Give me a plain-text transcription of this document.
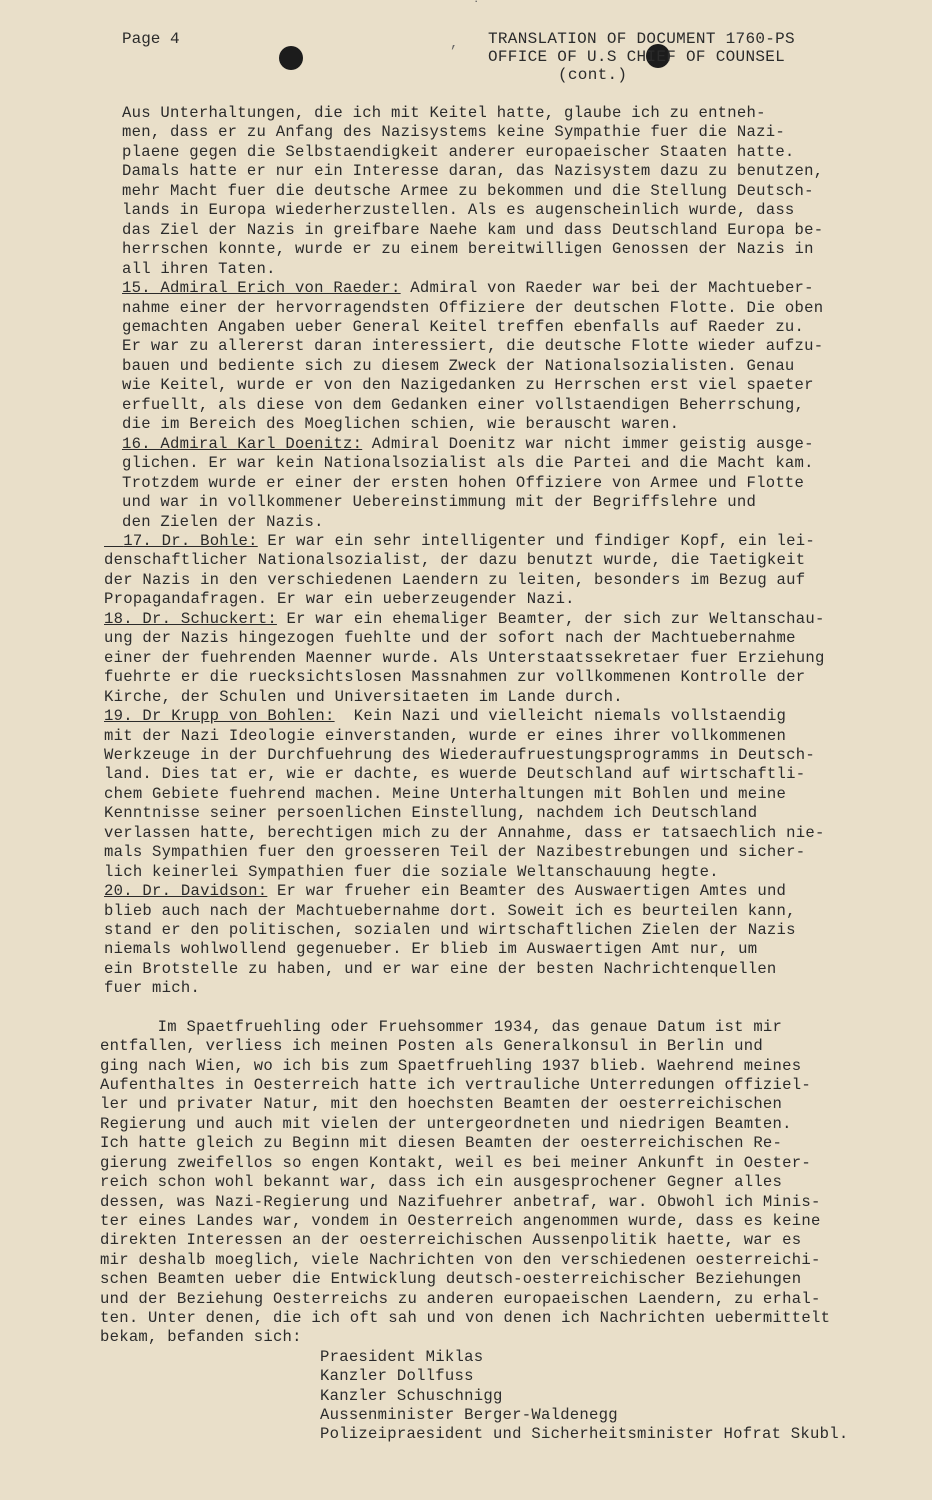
˙
,
Page 4	TRANSLATION OF DOCUMENT 1760-PS
OFFICE OF U.S CHIEF OF COUNSEL
(cont.)
Aus Unterhaltungen, die ich mit Keitel hatte, glaube ich zu entneh-
men, dass er zu Anfang des Nazisystems keine Sympathie fuer die Nazi-
plaene gegen die Selbstaendigkeit anderer europaeischer Staaten hatte.
Damals hatte er nur ein Interesse daran, das Nazisystem dazu zu benutzen,
mehr Macht fuer die deutsche Armee zu bekommen und die Stellung Deutsch-
lands in Europa wiederherzustellen. Als es augenscheinlich wurde, dass
das Ziel der Nazis in greifbare Naehe kam und dass Deutschland Europa be-
herrschen konnte, wurde er zu einem bereitwilligen Genossen der Nazis in
all ihren Taten.
15. Admiral Erich von Raeder: Admiral von Raeder war bei der Machtueber-
nahme einer der hervorragendsten Offiziere der deutschen Flotte. Die oben
gemachten Angaben ueber General Keitel treffen ebenfalls auf Raeder zu.
Er war zu allererst daran interessiert, die deutsche Flotte wieder aufzu-
bauen und bediente sich zu diesem Zweck der Nationalsozialisten. Genau
wie Keitel, wurde er von den Nazigedanken zu Herrschen erst viel spaeter
erfuellt, als diese von dem Gedanken einer vollstaendigen Beherrschung,
die im Bereich des Moeglichen schien, wie berauscht waren.
16. Admiral Karl Doenitz: Admiral Doenitz war nicht immer geistig ausge-
glichen. Er war kein Nationalsozialist als die Partei and die Macht kam.
Trotzdem wurde er einer der ersten hohen Offiziere von Armee und Flotte
und war in vollkommener Uebereinstimmung mit der Begriffslehre und
den Zielen der Nazis.
17. Dr. Bohle: Er war ein sehr intelligenter und findiger Kopf, ein lei-
denschaftlicher Nationalsozialist, der dazu benutzt wurde, die Taetigkeit
der Nazis in den verschiedenen Laendern zu leiten, besonders im Bezug auf
Propagandafragen. Er war ein ueberzeugender Nazi.
18. Dr. Schuckert: Er war ein ehemaliger Beamter, der sich zur Weltanschau-
ung der Nazis hingezogen fuehlte und der sofort nach der Machtuebernahme
einer der fuehrenden Maenner wurde. Als Unterstaatssekretaer fuer Erziehung
fuehrte er die ruecksichtslosen Massnahmen zur vollkommenen Kontrolle der
Kirche, der Schulen und Universitaeten im Lande durch.
19. Dr Krupp von Bohlen:  Kein Nazi und vielleicht niemals vollstaendig
mit der Nazi Ideologie einverstanden, wurde er eines ihrer vollkommenen
Werkzeuge in der Durchfuehrung des Wiederaufruestungsprogramms in Deutsch-
land. Dies tat er, wie er dachte, es wuerde Deutschland auf wirtschaftli-
chem Gebiete fuehrend machen. Meine Unterhaltungen mit Bohlen und meine
Kenntnisse seiner persoenlichen Einstellung, nachdem ich Deutschland
verlassen hatte, berechtigen mich zu der Annahme, dass er tatsaechlich nie-
mals Sympathien fuer den groesseren Teil der Nazibestrebungen und sicher-
lich keinerlei Sympathien fuer die soziale Weltanschauung hegte.
20. Dr. Davidson: Er war frueher ein Beamter des Auswaertigen Amtes und
blieb auch nach der Machtuebernahme dort. Soweit ich es beurteilen kann,
stand er den politischen, sozialen und wirtschaftlichen Zielen der Nazis
niemals wohlwollend gegenueber. Er blieb im Auswaertigen Amt nur, um
ein Brotstelle zu haben, und er war eine der besten Nachrichtenquellen
fuer mich.
Im Spaetfruehling oder Fruehsommer 1934, das genaue Datum ist mir
entfallen, verliess ich meinen Posten als Generalkonsul in Berlin und
ging nach Wien, wo ich bis zum Spaetfruehling 1937 blieb. Waehrend meines
Aufenthaltes in Oesterreich hatte ich vertrauliche Unterredungen offiziel-
ler und privater Natur, mit den hoechsten Beamten der oesterreichischen
Regierung und auch mit vielen der untergeordneten und niedrigen Beamten.
Ich hatte gleich zu Beginn mit diesen Beamten der oesterreichischen Re-
gierung zweifellos so engen Kontakt, weil es bei meiner Ankunft in Oester-
reich schon wohl bekannt war, dass ich ein ausgesprochener Gegner alles
dessen, was Nazi-Regierung und Nazifuehrer anbetraf, war. Obwohl ich Minis-
ter eines Landes war, vondem in Oesterreich angenommen wurde, dass es keine
direkten Interessen an der oesterreichischen Aussenpolitik haette, war es
mir deshalb moeglich, viele Nachrichten von den verschiedenen oesterreichi-
schen Beamten ueber die Entwicklung deutsch-oesterreichischer Beziehungen
und der Beziehung Oesterreichs zu anderen europaeischen Laendern, zu erhal-
ten. Unter denen, die ich oft sah und von denen ich Nachrichten uebermittelt
bekam, befanden sich:
Praesident Miklas
Kanzler Dollfuss
Kanzler Schuschnigg
Aussenminister Berger-Waldenegg
Polizeipraesident und Sicherheitsminister Hofrat Skubl.
